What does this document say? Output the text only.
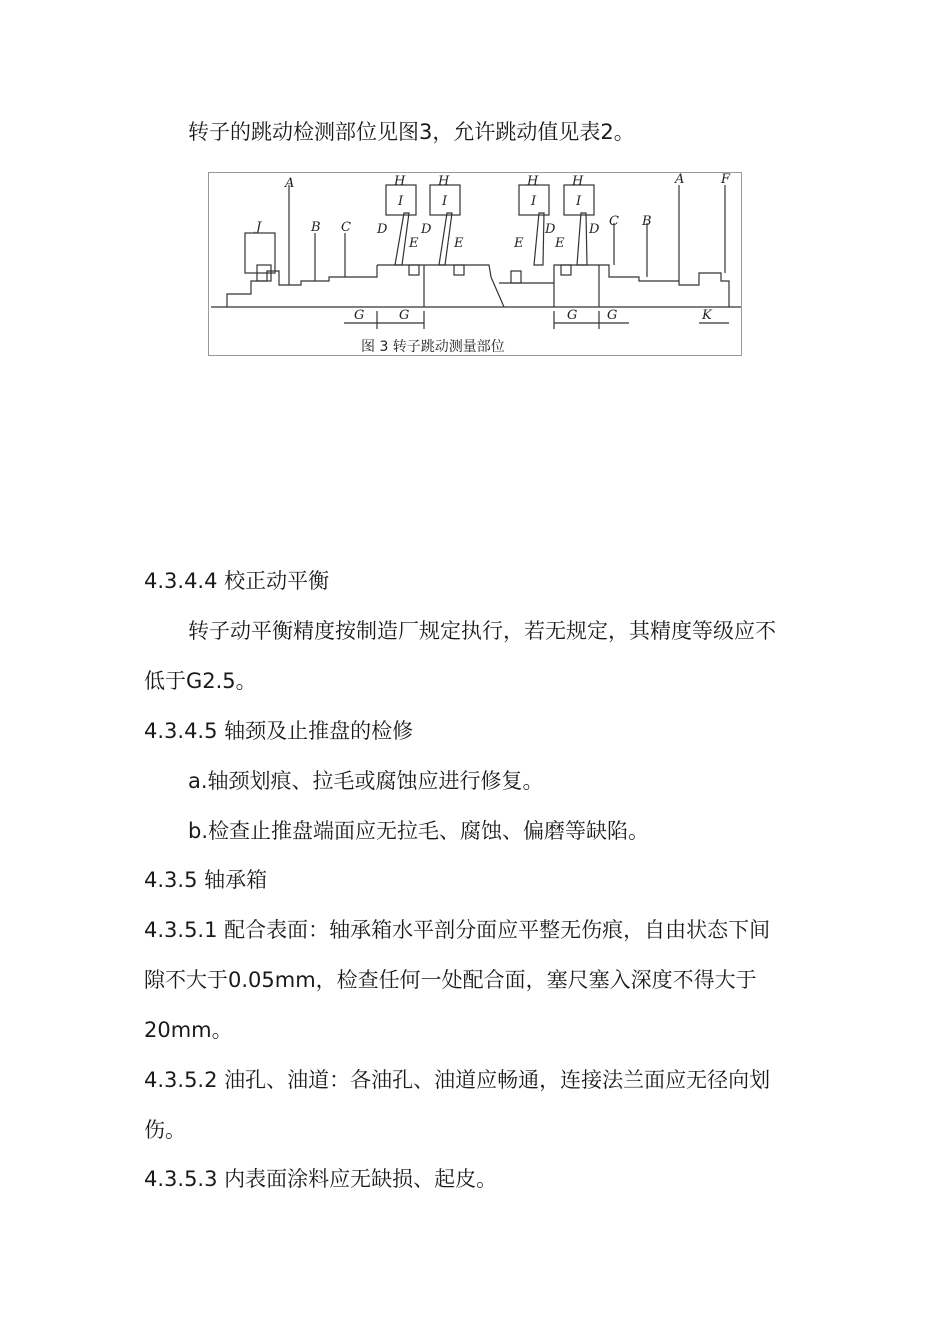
转子的跳动检测部位见图3，允许跳动值见表2。
A
B C
J
H	H	H	H
I	I	I	I
D	D	D	D
E	E	E E
C B
A	F
G	G	G G	K
图 3 转子跳动测量部位
4.3.4.4 校正动平衡
转子动平衡精度按制造厂规定执行，若无规定，其精度等级应不
低于G2.5。
4.3.4.5 轴颈及止推盘的检修
a.轴颈划痕、拉毛或腐蚀应进行修复。
b.检查止推盘端面应无拉毛、腐蚀、偏磨等缺陷。
4.3.5 轴承箱
4.3.5.1 配合表面：轴承箱水平剖分面应平整无伤痕，自由状态下间
隙不大于0.05mm，检查任何一处配合面，塞尺塞入深度不得大于
20mm。
4.3.5.2 油孔、油道：各油孔、油道应畅通，连接法兰面应无径向划
伤。
4.3.5.3 内表面涂料应无缺损、起皮。
